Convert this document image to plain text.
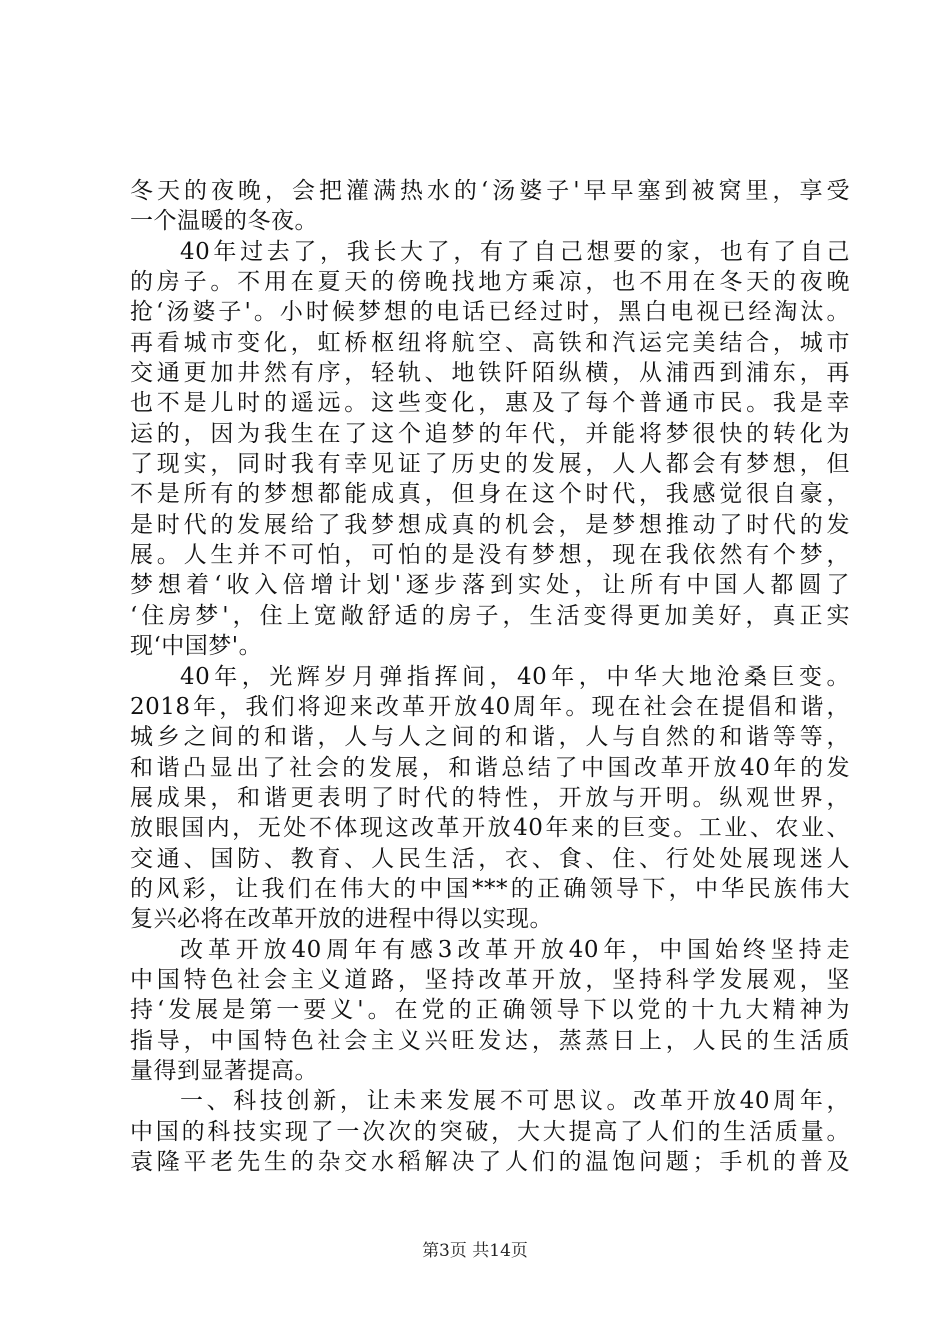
冬天的夜晚，会把灌满热水的‘汤婆子'早早塞到被窝里，享受
一个温暖的冬夜。
40年过去了，我长大了，有了自己想要的家，也有了自己
的房子。不用在夏天的傍晚找地方乘凉，也不用在冬天的夜晚
抢‘汤婆子'。小时候梦想的电话已经过时，黑白电视已经淘汰。
再看城市变化，虹桥枢纽将航空、高铁和汽运完美结合，城市
交通更加井然有序，轻轨、地铁阡陌纵横，从浦西到浦东，再
也不是儿时的遥远。这些变化，惠及了每个普通市民。我是幸
运的，因为我生在了这个追梦的年代，并能将梦很快的转化为
了现实，同时我有幸见证了历史的发展，人人都会有梦想，但
不是所有的梦想都能成真，但身在这个时代，我感觉很自豪，
是时代的发展给了我梦想成真的机会，是梦想推动了时代的发
展。人生并不可怕，可怕的是没有梦想，现在我依然有个梦，
梦想着‘收入倍增计划'逐步落到实处，让所有中国人都圆了
‘住房梦'，住上宽敞舒适的房子，生活变得更加美好，真正实
现‘中国梦'。
40年，光辉岁月弹指挥间，40年，中华大地沧桑巨变。
2018年，我们将迎来改革开放40周年。现在社会在提倡和谐，
城乡之间的和谐，人与人之间的和谐，人与自然的和谐等等，
和谐凸显出了社会的发展，和谐总结了中国改革开放40年的发
展成果，和谐更表明了时代的特性，开放与开明。纵观世界，
放眼国内，无处不体现这改革开放40年来的巨变。工业、农业、
交通、国防、教育、人民生活，衣、食、住、行处处展现迷人
的风彩，让我们在伟大的中国***的正确领导下，中华民族伟大
复兴必将在改革开放的进程中得以实现。
改革开放40周年有感3改革开放40年，中国始终坚持走
中国特色社会主义道路，坚持改革开放，坚持科学发展观，坚
持‘发展是第一要义'。在党的正确领导下以党的十九大精神为
指导，中国特色社会主义兴旺发达，蒸蒸日上，人民的生活质
量得到显著提高。
一、科技创新，让未来发展不可思议。改革开放40周年，
中国的科技实现了一次次的突破，大大提高了人们的生活质量。
袁隆平老先生的杂交水稻解决了人们的温饱问题；手机的普及
第3页 共14页
